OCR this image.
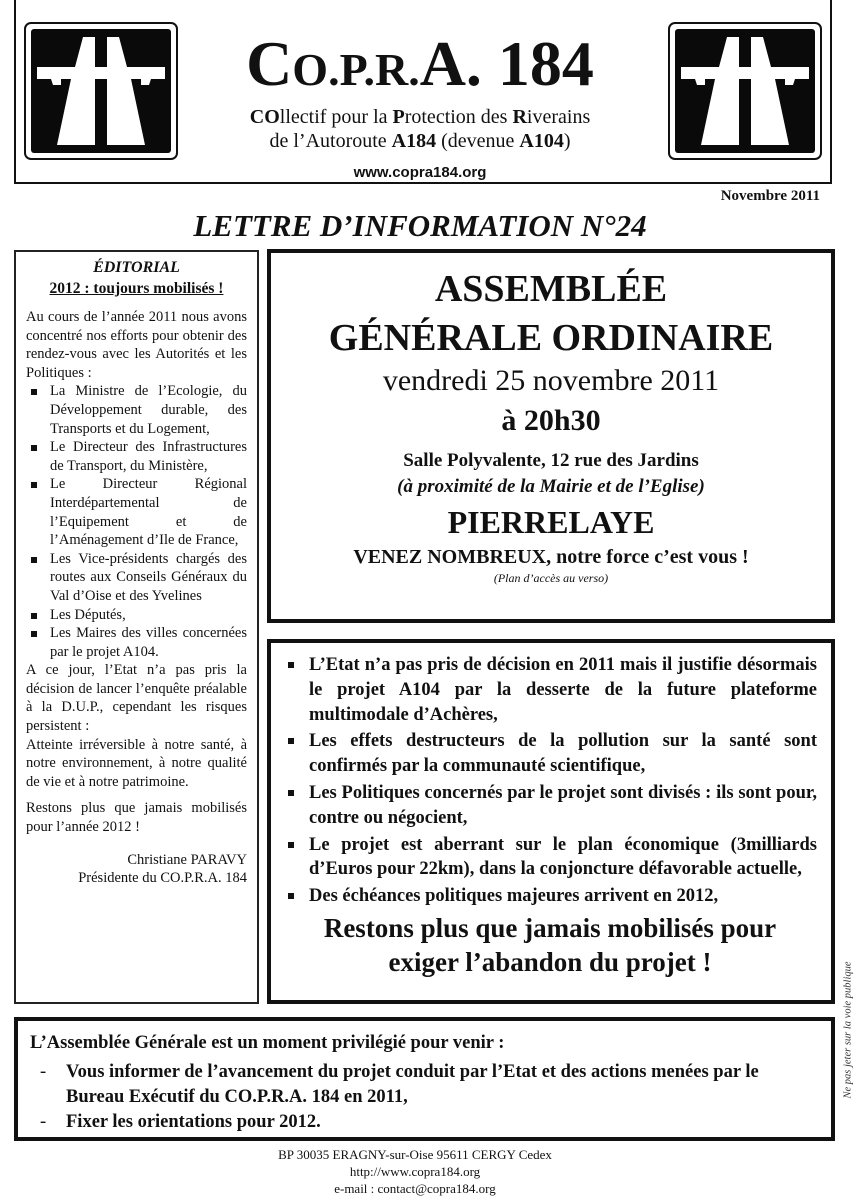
CO.P.R.A. 184
COllectif pour la Protection des Riverains
de l’Autoroute A184 (devenue A104)
www.copra184.org
Novembre 2011
LETTRE D’INFORMATION N°24
ÉDITORIAL
2012 : toujours mobilisés !
Au cours de l’année 2011 nous avons concentré nos efforts pour obtenir des rendez-vous avec les Autorités et les Politiques :
La Ministre de l’Ecologie, du Développement durable, des Transports et du Logement,
Le Directeur des Infrastructures de Transport, du Ministère,
Le Directeur Régional Interdépartemental de l’Equipement et de l’Aménagement d’Ile de France,
Les Vice-présidents chargés des routes aux Conseils Généraux du Val d’Oise et des Yvelines
Les Députés,
Les Maires des villes concernées par le projet A104.
A ce jour, l’Etat n’a pas pris la décision de lancer l’enquête préalable à la D.U.P., cependant les risques persistent :
Atteinte irréversible à notre santé, à notre environnement, à notre qualité de vie et à notre patrimoine.
Restons plus que jamais mobilisés pour l’année 2012 !
Christiane PARAVY
Présidente du CO.P.R.A. 184
ASSEMBLÉE
GÉNÉRALE ORDINAIRE
vendredi 25 novembre 2011
à 20h30
Salle Polyvalente, 12 rue des Jardins
(à proximité de la Mairie et de l’Eglise)
PIERRELAYE
VENEZ NOMBREUX, notre force c’est vous !
(Plan d’accès au verso)
L’Etat n’a pas pris de décision en 2011 mais il justifie désormais le projet A104 par la desserte de la future plateforme multimodale d’Achères,
Les effets destructeurs de la pollution sur la santé sont confirmés par la communauté scientifique,
Les Politiques concernés par le projet sont divisés : ils sont pour, contre ou négocient,
Le projet est aberrant sur le plan économique (3milliards d’Euros pour 22km), dans la conjoncture défavorable actuelle,
Des échéances politiques majeures arrivent en 2012,
Restons plus que jamais mobilisés pour
exiger l’abandon du projet !
L’Assemblée Générale est un moment privilégié pour venir :
- Vous informer de l’avancement du projet conduit par l’Etat et des actions menées par le Bureau Exécutif du CO.P.R.A. 184 en 2011,
- Fixer les orientations pour 2012.
BP 30035 ERAGNY-sur-Oise 95611 CERGY Cedex
http://www.copra184.org
e-mail : contact@copra184.org
Ne pas jeter sur la voie publique
